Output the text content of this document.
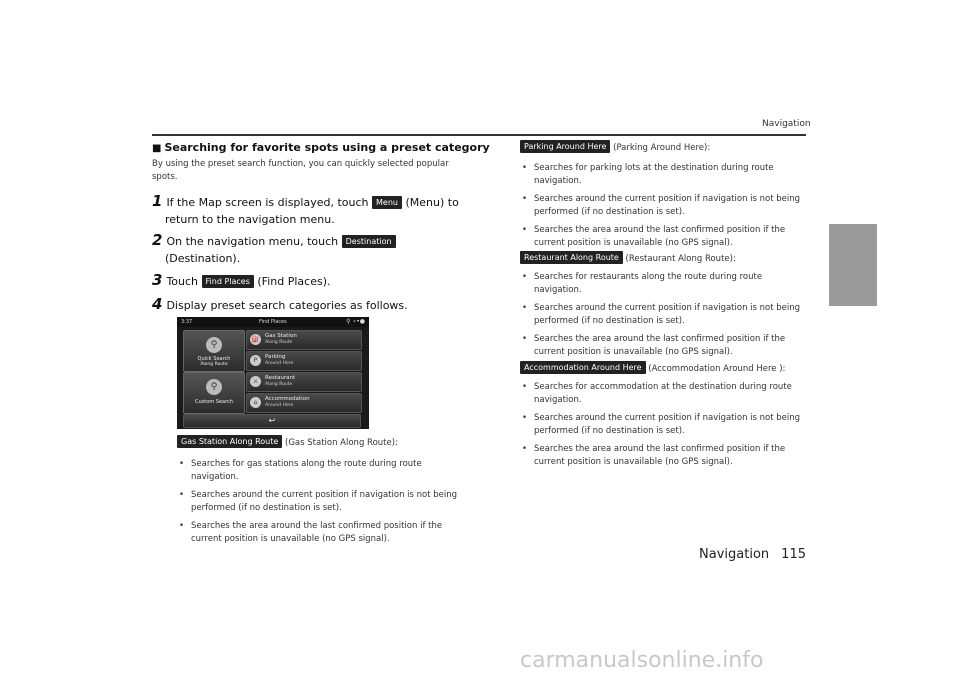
Navigation
■ Searching for favorite spots using a preset category
By using the preset search function, you can quickly selected popular spots.
1 If the Map screen is displayed, touch Menu (Menu) to
return to the navigation menu.
2 On the navigation menu, touch Destination
(Destination).
3 Touch Find Places (Find Places).
4 Display preset search categories as follows.
3:37	Find Places	⚲ ∘•●
⚲
Quick Search
Along Route
⚲
Custom Search
⛽	Gas Station
Along Route
P	Parking
Around Here
⚔	Restaurant
Along Route
⌂	Accommodation
Around Here
↩
Gas Station Along Route (Gas Station Along Route):
• Searches for gas stations along the route during route navigation.
• Searches around the current position if navigation is not being performed (if no destination is set).
• Searches the area around the last confirmed position if the current position is unavailable (no GPS signal).
Parking Around Here (Parking Around Here):
• Searches for parking lots at the destination during route navigation.
• Searches around the current position if navigation is not being performed (if no destination is set).
• Searches the area around the last confirmed position if the current position is unavailable (no GPS signal).
Restaurant Along Route (Restaurant Along Route):
• Searches for restaurants along the route during route navigation.
• Searches around the current position if navigation is not being performed (if no destination is set).
• Searches the area around the last confirmed position if the current position is unavailable (no GPS signal).
Accommodation Around Here (Accommodation Around Here ):
• Searches for accommodation at the destination during route navigation.
• Searches around the current position if navigation is not being performed (if no destination is set).
• Searches the area around the last confirmed position if the current position is unavailable (no GPS signal).
Navigation 115
carmanualsonline.info
